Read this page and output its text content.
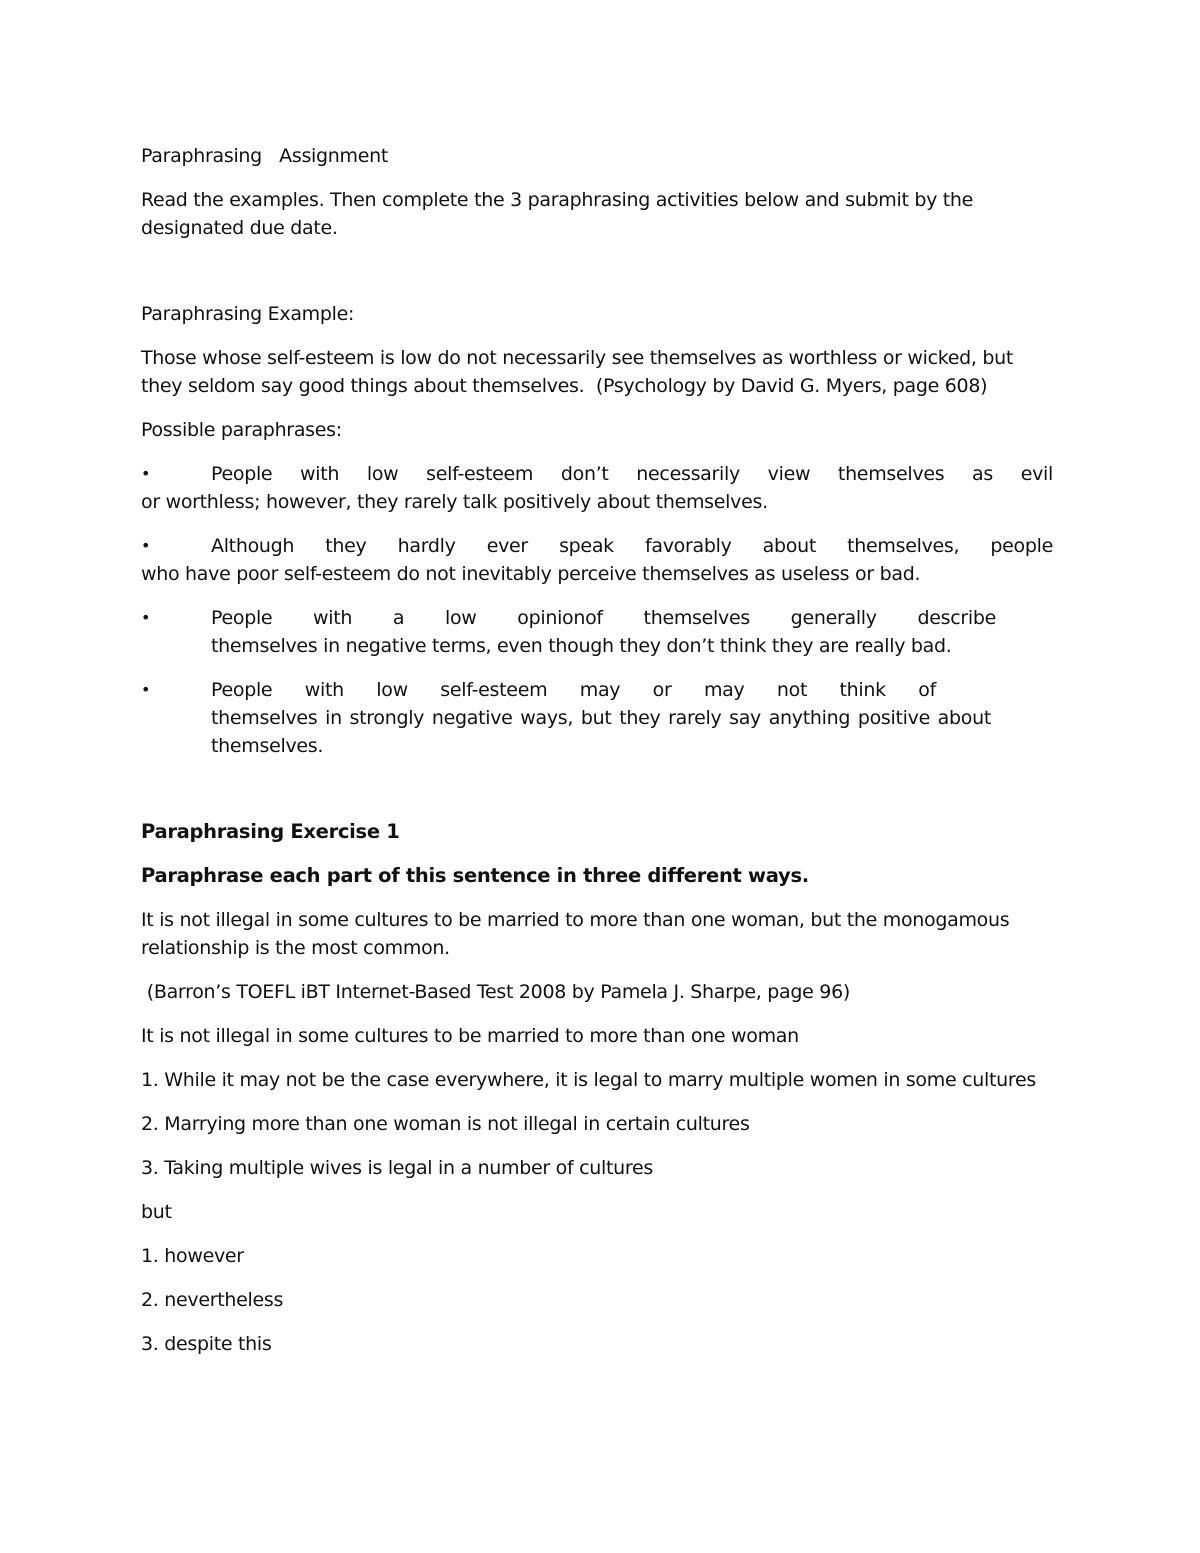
Paraphrasing   Assignment

Read the examples. Then complete the 3 paraphrasing activities below and submit by the designated due date.

Paraphrasing Example:

Those whose self-esteem is low do not necessarily see themselves as worthless or wicked, but they seldom say good things about themselves.  (Psychology by David G. Myers, page 608)

Possible paraphrases:

•	People with low self-esteem don’t necessarily view themselves as evil
or worthless; however, they rarely talk positively about themselves.
•	Although they hardly ever speak favorably about themselves, people
who have poor self-esteem do not inevitably perceive themselves as useless or bad.
•	People with a low opinionof themselves generally describe
themselves in negative terms, even though they don’t think they are really bad.
•	People with low self-esteem may or may not think of
themselves in strongly negative ways, but they rarely say anything positive about themselves.

Paraphrasing Exercise 1

Paraphrase each part of this sentence in three different ways.

It is not illegal in some cultures to be married to more than one woman, but the monogamous relationship is the most common.

(Barron’s TOEFL iBT Internet-Based Test 2008 by Pamela J. Sharpe, page 96)

It is not illegal in some cultures to be married to more than one woman

1. While it may not be the case everywhere, it is legal to marry multiple women in some cultures

2. Marrying more than one woman is not illegal in certain cultures

3. Taking multiple wives is legal in a number of cultures

but

1. however

2. nevertheless

3. despite this
